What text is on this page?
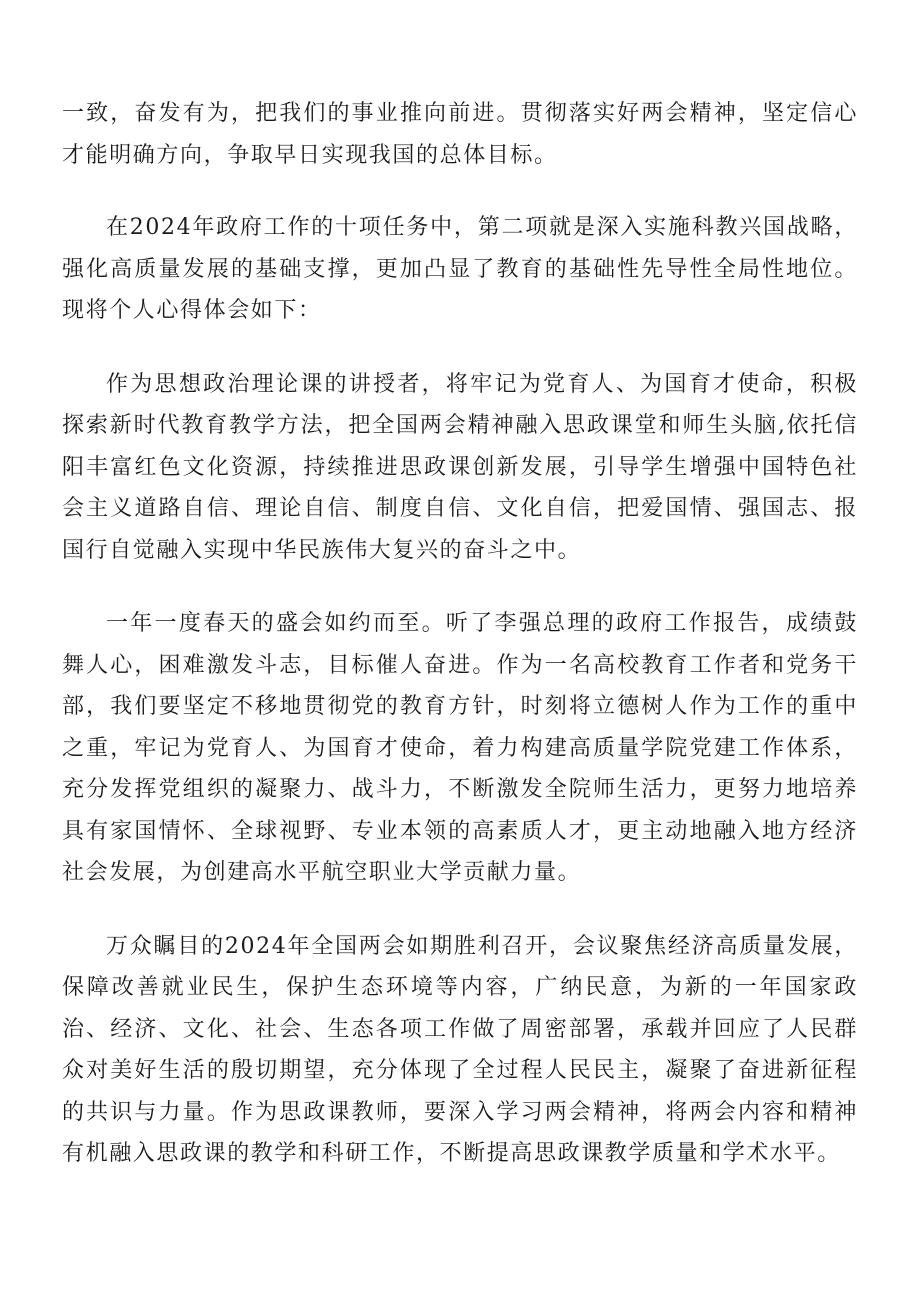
一致，奋发有为，把我们的事业推向前进。贯彻落实好两会精神，坚定信心才能明确方向，争取早日实现我国的总体目标。

在2024年政府工作的十项任务中，第二项就是深入实施科教兴国战略，强化高质量发展的基础支撑，更加凸显了教育的基础性先导性全局性地位。现将个人心得体会如下：

作为思想政治理论课的讲授者，将牢记为党育人、为国育才使命，积极探索新时代教育教学方法，把全国两会精神融入思政课堂和师生头脑,依托信阳丰富红色文化资源，持续推进思政课创新发展，引导学生增强中国特色社会主义道路自信、理论自信、制度自信、文化自信，把爱国情、强国志、报国行自觉融入实现中华民族伟大复兴的奋斗之中。

一年一度春天的盛会如约而至。听了李强总理的政府工作报告，成绩鼓舞人心，困难激发斗志，目标催人奋进。作为一名高校教育工作者和党务干部，我们要坚定不移地贯彻党的教育方针，时刻将立德树人作为工作的重中之重，牢记为党育人、为国育才使命，着力构建高质量学院党建工作体系，充分发挥党组织的凝聚力、战斗力，不断激发全院师生活力，更努力地培养具有家国情怀、全球视野、专业本领的高素质人才，更主动地融入地方经济社会发展，为创建高水平航空职业大学贡献力量。

万众瞩目的2024年全国两会如期胜利召开，会议聚焦经济高质量发展，保障改善就业民生，保护生态环境等内容，广纳民意，为新的一年国家政治、经济、文化、社会、生态各项工作做了周密部署，承载并回应了人民群众对美好生活的殷切期望，充分体现了全过程人民民主，凝聚了奋进新征程的共识与力量。作为思政课教师，要深入学习两会精神，将两会内容和精神有机融入思政课的教学和科研工作，不断提高思政课教学质量和学术水平。
